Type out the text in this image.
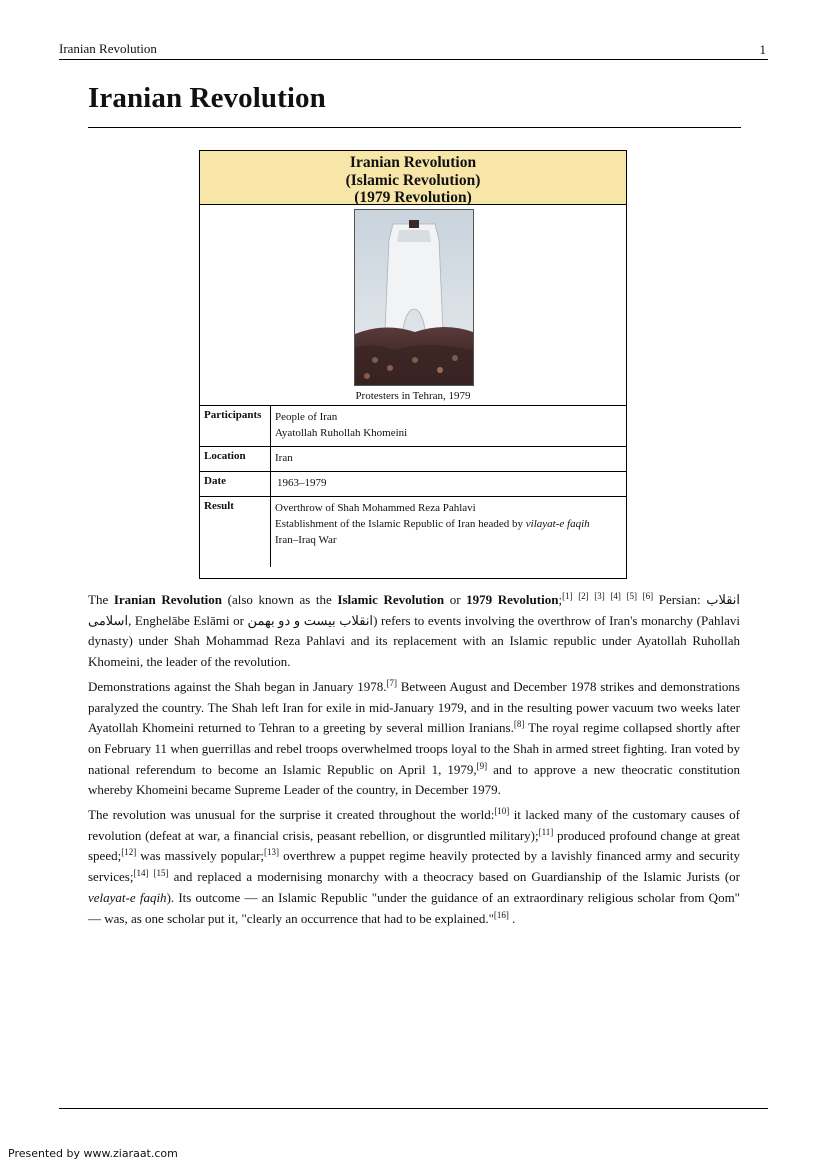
Iranian Revolution	1
Iranian Revolution
Iranian Revolution
(Islamic Revolution)
(1979 Revolution)
Protesters in Tehran, 1979
Participants	People of Iran
Ayatollah Ruhollah Khomeini
Location	Iran
Date	1963–1979
Result	Overthrow of Shah Mohammed Reza Pahlavi
Establishment of the Islamic Republic of Iran headed by vilayat-e faqih
Iran–Iraq War

The Iranian Revolution (also known as the Islamic Revolution or 1979 Revolution;[1] [2] [3] [4] [5] [6] Persian: انقلاب اسلامی, Enghelābe Eslāmi or انقلاب بیست و دو بهمن) refers to events involving the overthrow of Iran's monarchy (Pahlavi dynasty) under Shah Mohammad Reza Pahlavi and its replacement with an Islamic republic under Ayatollah Ruhollah Khomeini, the leader of the revolution.

Demonstrations against the Shah began in January 1978.[7] Between August and December 1978 strikes and demonstrations paralyzed the country. The Shah left Iran for exile in mid-January 1979, and in the resulting power vacuum two weeks later Ayatollah Khomeini returned to Tehran to a greeting by several million Iranians.[8] The royal regime collapsed shortly after on February 11 when guerrillas and rebel troops overwhelmed troops loyal to the Shah in armed street fighting. Iran voted by national referendum to become an Islamic Republic on April 1, 1979,[9] and to approve a new theocratic constitution whereby Khomeini became Supreme Leader of the country, in December 1979.

The revolution was unusual for the surprise it created throughout the world:[10] it lacked many of the customary causes of revolution (defeat at war, a financial crisis, peasant rebellion, or disgruntled military);[11] produced profound change at great speed;[12] was massively popular;[13] overthrew a puppet regime heavily protected by a lavishly financed army and security services;[14] [15] and replaced a modernising monarchy with a theocracy based on Guardianship of the Islamic Jurists (or velayat-e faqih). Its outcome — an Islamic Republic "under the guidance of an extraordinary religious scholar from Qom" — was, as one scholar put it, "clearly an occurrence that had to be explained."[16] .

Presented by www.ziaraat.com
